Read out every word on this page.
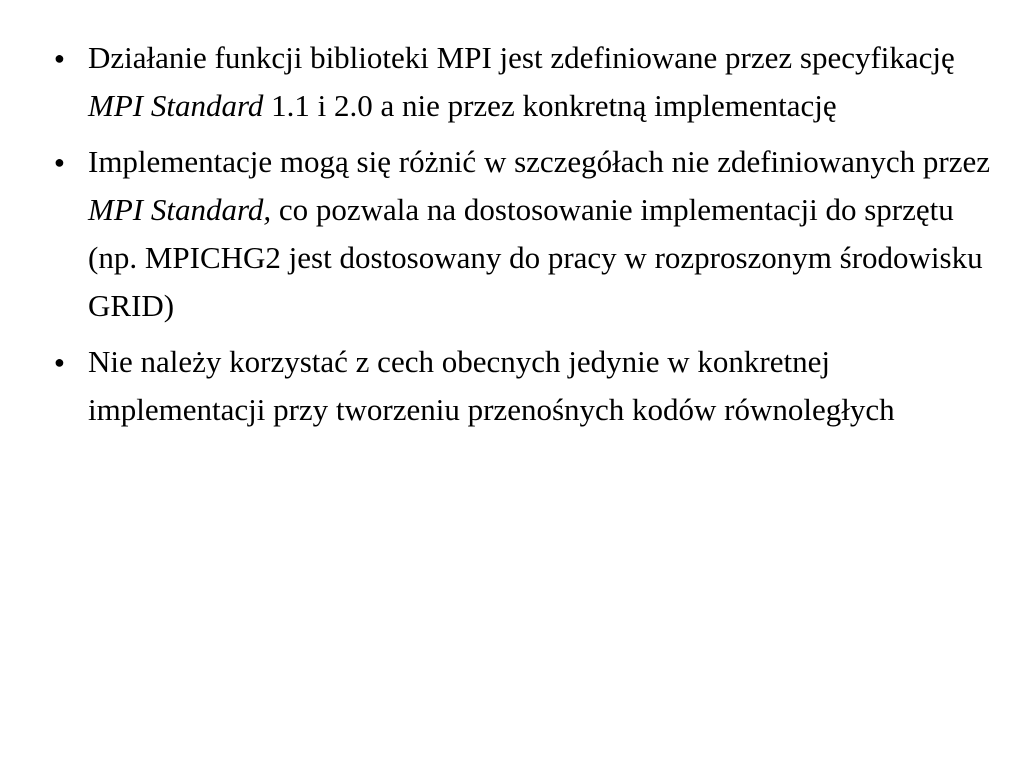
● Działanie funkcji biblioteki MPI jest zdefiniowane przez specyfikację MPI Standard 1.1 i 2.0 a nie przez konkretną implementację
● Implementacje mogą się różnić w szczegółach nie zdefiniowanych przez MPI Standard, co pozwala na dostosowanie implementacji do sprzętu (np. MPICHG2 jest dostosowany do pracy w rozproszonym środowisku GRID)
● Nie należy korzystać z cech obecnych jedynie w konkretnej implementacji przy tworzeniu przenośnych kodów równoległych
